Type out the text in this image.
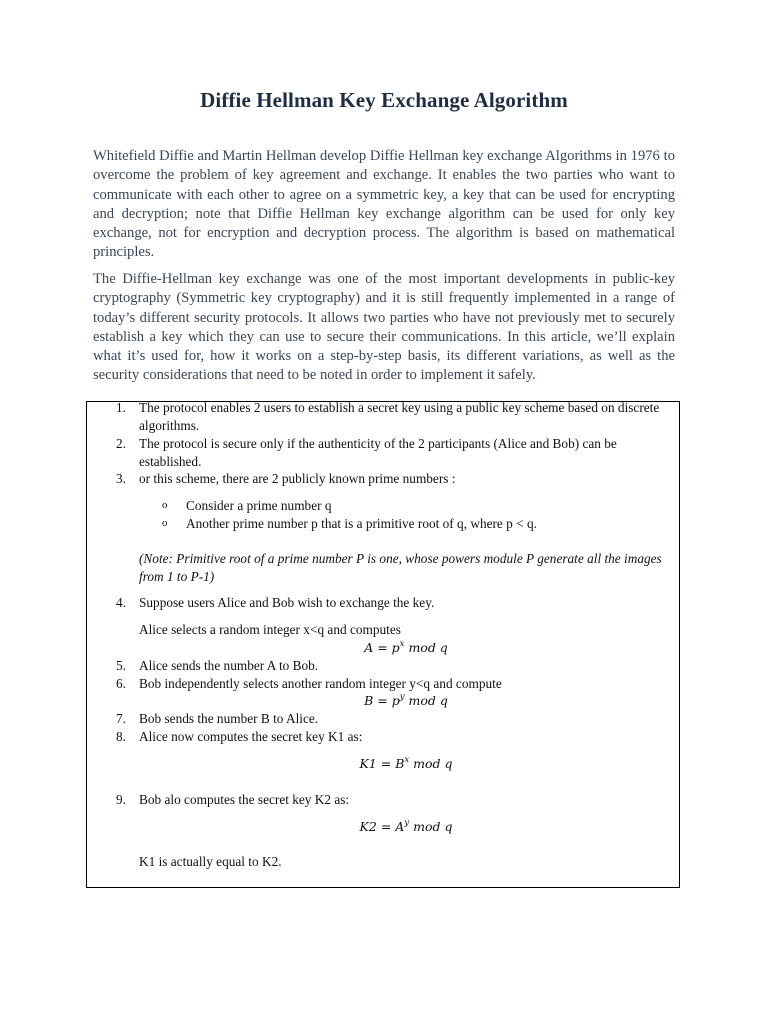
Diffie Hellman Key Exchange Algorithm
Whitefield Diffie and Martin Hellman develop Diffie Hellman key exchange Algorithms in 1976 to overcome the problem of key agreement and exchange. It enables the two parties who want to communicate with each other to agree on a symmetric key, a key that can be used for encrypting and decryption; note that Diffie Hellman key exchange algorithm can be used for only key exchange, not for encryption and decryption process. The algorithm is based on mathematical principles.
The Diffie-Hellman key exchange was one of the most important developments in public-key cryptography (Symmetric key cryptography) and it is still frequently implemented in a range of today’s different security protocols. It allows two parties who have not previously met to securely establish a key which they can use to secure their communications. In this article, we’ll explain what it’s used for, how it works on a step-by-step basis, its different variations, as well as the security considerations that need to be noted in order to implement it safely.
1. The protocol enables 2 users to establish a secret key using a public key scheme based on discrete algorithms.
2. The protocol is secure only if the authenticity of the 2 participants (Alice and Bob) can be established.
3. or this scheme, there are 2 publicly known prime numbers :
o Consider a prime number q
o Another prime number p that is a primitive root of q, where p < q.
(Note: Primitive root of a prime number P is one, whose powers module P generate all the images from 1 to P-1)
4. Suppose users Alice and Bob wish to exchange the key.
Alice selects a random integer x<q and computes
$A = p^x$ mod q
5. Alice sends the number A to Bob.
6. Bob independently selects another random integer y<q and compute
$B = p^y$ mod q
7. Bob sends the number B to Alice.
8. Alice now computes the secret key K1 as:
$K1 = B^x$ mod q
9. Bob alo computes the secret key K2 as:
$K2 = A^y$ mod q
K1 is actually equal to K2.
